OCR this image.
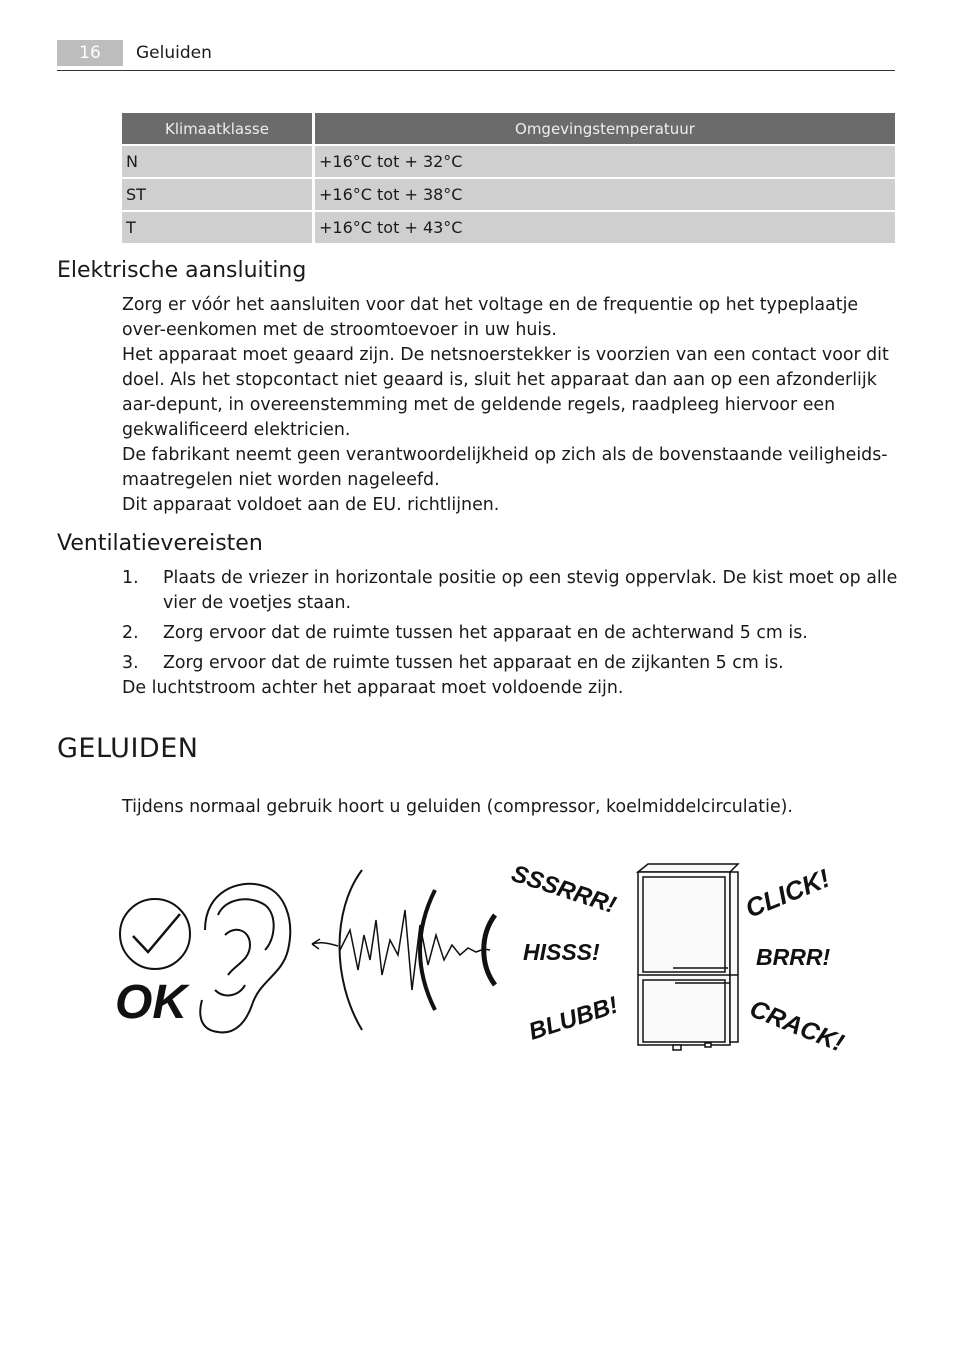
16	Geluiden
Klimaatklasse	Omgevingstemperatuur
N	+16°C tot + 32°C
ST	+16°C tot + 38°C
T	+16°C tot + 43°C
Elektrische aansluiting

Zorg er vóór het aansluiten voor dat het voltage en de frequentie op het typeplaatje over-eenkomen met de stroomtoevoer in uw huis.

Het apparaat moet geaard zijn. De netsnoerstekker is voorzien van een contact voor dit doel. Als het stopcontact niet geaard is, sluit het apparaat dan aan op een afzonderlijk aar-depunt, in overeenstemming met de geldende regels, raadpleeg hiervoor een gekwalificeerd elektricien.

De fabrikant neemt geen verantwoordelijkheid op zich als de bovenstaande veiligheids-maatregelen niet worden nageleefd.

Dit apparaat voldoet aan de EU. richtlijnen.

Ventilatievereisten
1. Plaats de vriezer in horizontale positie op een stevig oppervlak. De kist moet op alle vier de voetjes staan.
2. Zorg ervoor dat de ruimte tussen het apparaat en de achterwand 5 cm is.
3. Zorg ervoor dat de ruimte tussen het apparaat en de zijkanten 5 cm is.
De luchtstroom achter het apparaat moet voldoende zijn.
GELUIDEN
Tijdens normaal gebruik hoort u geluiden (compressor, koelmiddelcirculatie).
OK
SSSRRR!
HISSS!
BLUBB!
CLICK!
BRRR!
CRACK!
